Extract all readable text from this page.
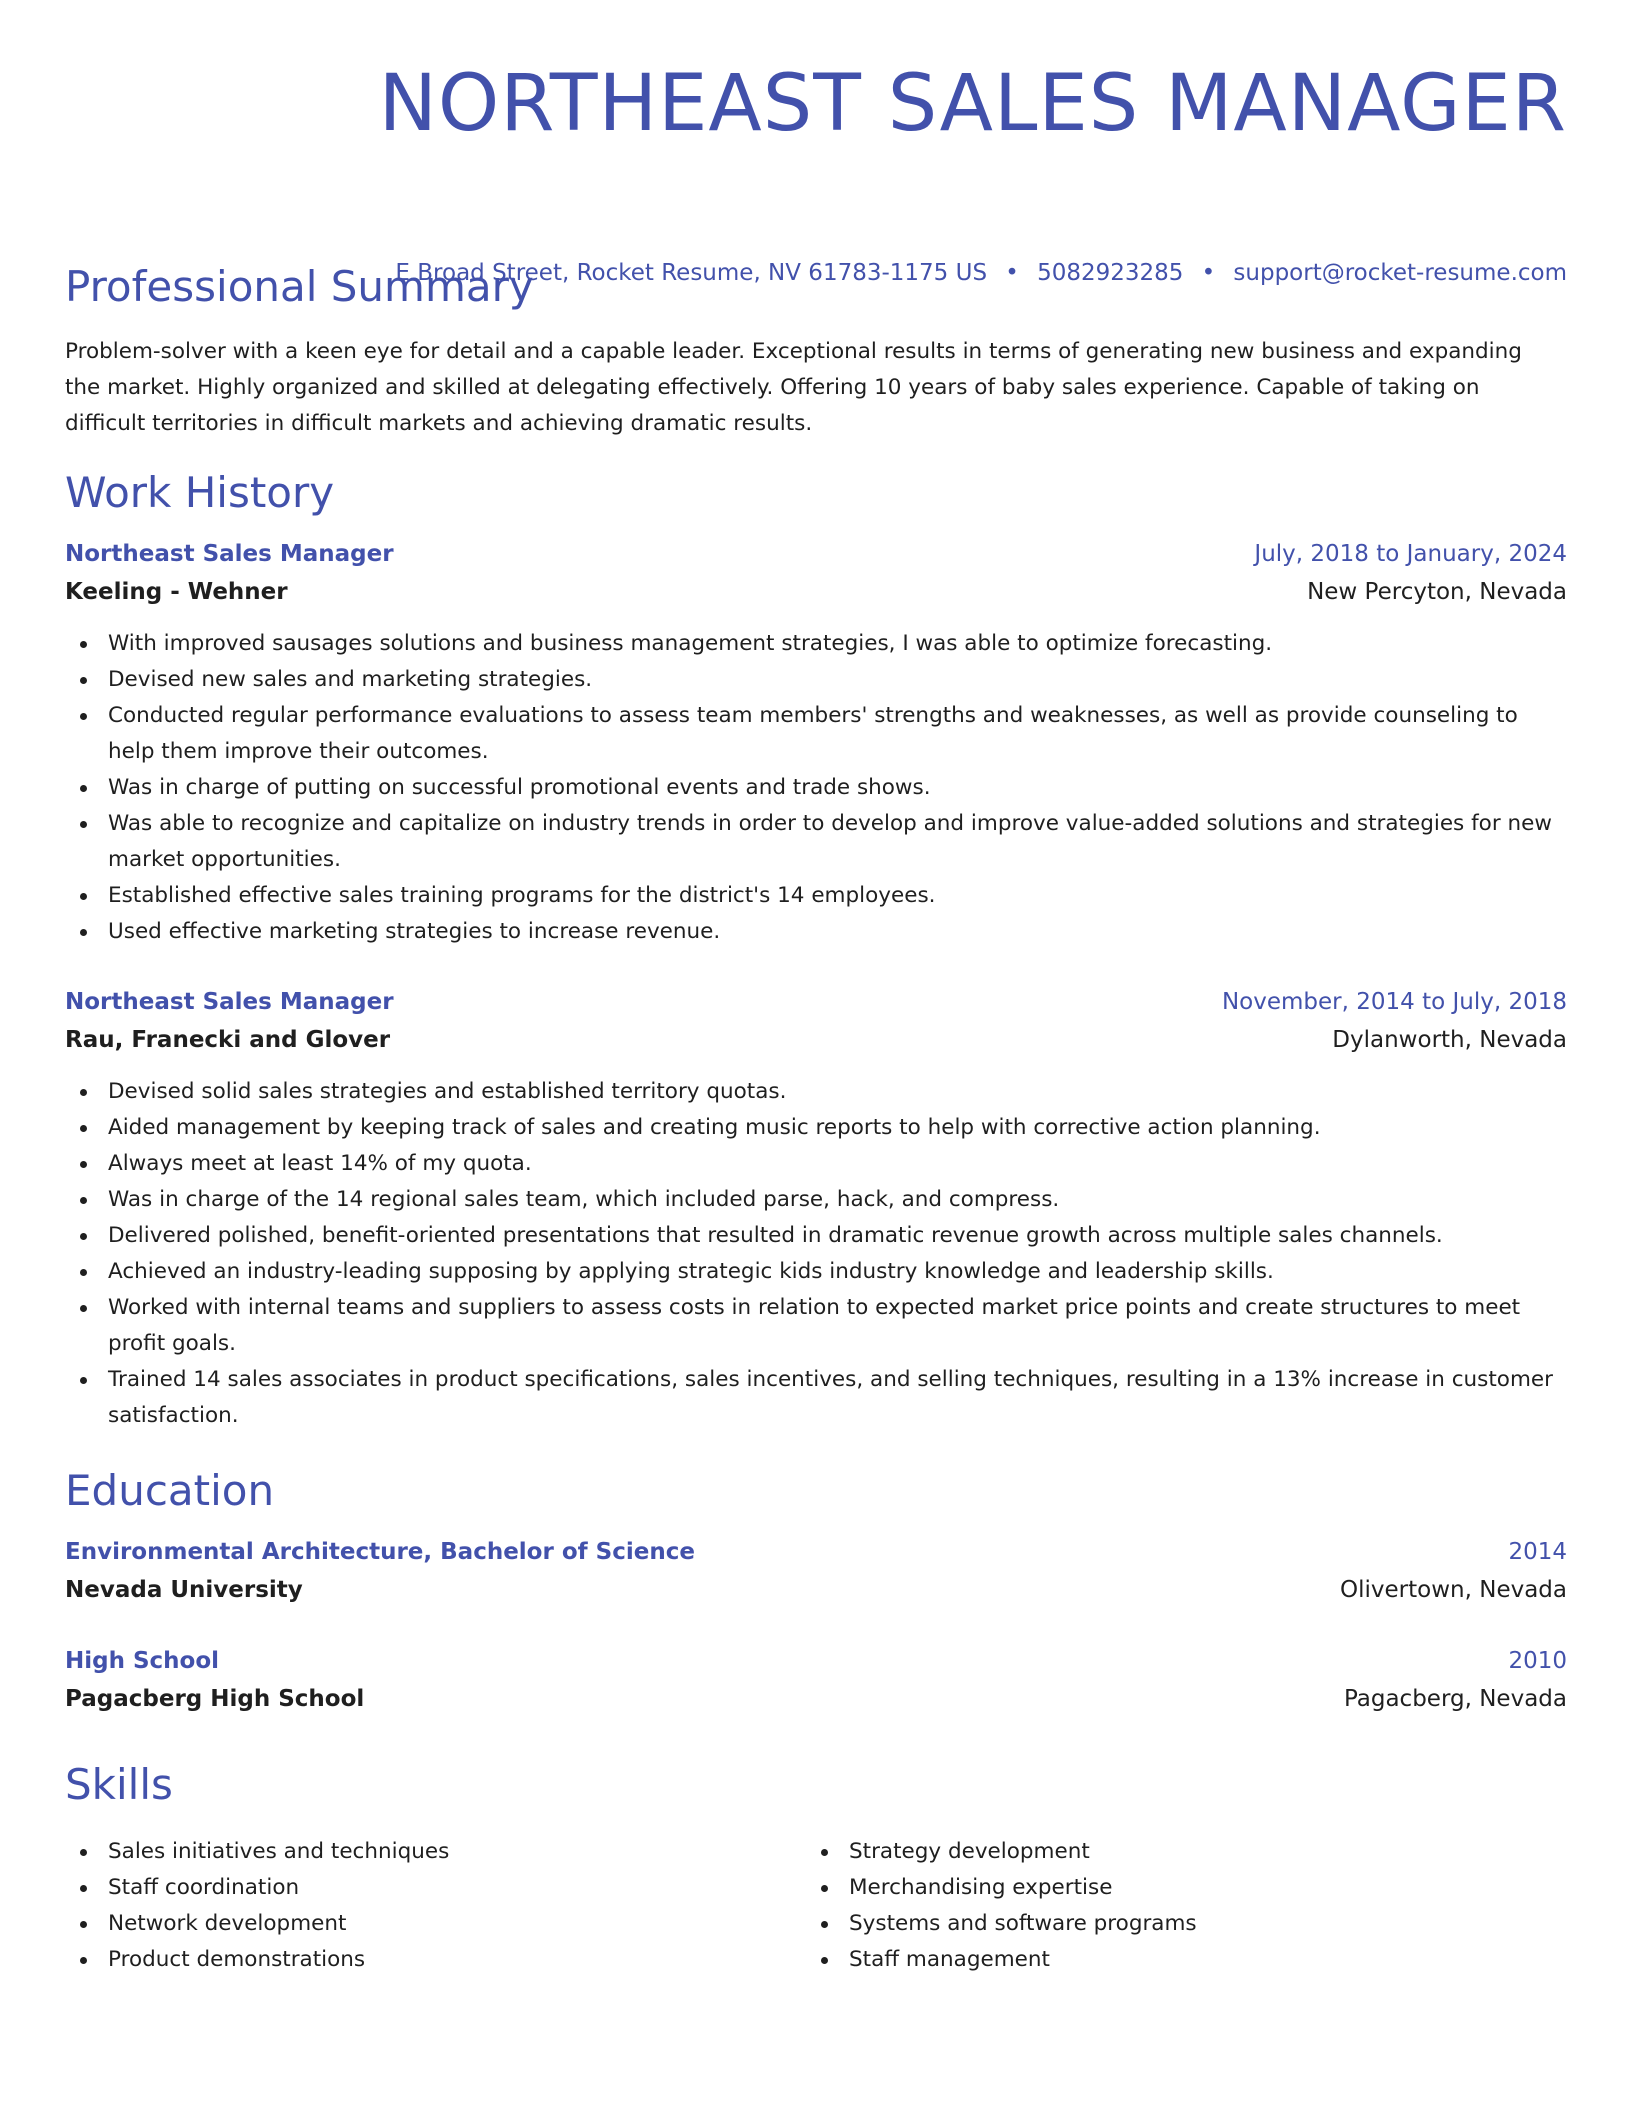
NORTHEAST SALES MANAGER
E Broad Street, Rocket Resume, NV 61783-1175 US • 5082923285 • support@rocket-resume.com
Professional Summary

Problem-solver with a keen eye for detail and a capable leader. Exceptional results in terms of generating new business and expanding the market. Highly organized and skilled at delegating effectively. Offering 10 years of baby sales experience. Capable of taking on difficult territories in difficult markets and achieving dramatic results.

Work History
Northeast Sales Manager	July, 2018 to January, 2024
Keeling - Wehner	New Percyton, Nevada
With improved sausages solutions and business management strategies, I was able to optimize forecasting.
Devised new sales and marketing strategies.
Conducted regular performance evaluations to assess team members' strengths and weaknesses, as well as provide counseling to help them improve their outcomes.
Was in charge of putting on successful promotional events and trade shows.
Was able to recognize and capitalize on industry trends in order to develop and improve value-added solutions and strategies for new market opportunities.
Established effective sales training programs for the district's 14 employees.
Used effective marketing strategies to increase revenue.
Northeast Sales Manager	November, 2014 to July, 2018
Rau, Franecki and Glover	Dylanworth, Nevada
Devised solid sales strategies and established territory quotas.
Aided management by keeping track of sales and creating music reports to help with corrective action planning.
Always meet at least 14% of my quota.
Was in charge of the 14 regional sales team, which included parse, hack, and compress.
Delivered polished, benefit-oriented presentations that resulted in dramatic revenue growth across multiple sales channels.
Achieved an industry-leading supposing by applying strategic kids industry knowledge and leadership skills.
Worked with internal teams and suppliers to assess costs in relation to expected market price points and create structures to meet profit goals.
Trained 14 sales associates in product specifications, sales incentives, and selling techniques, resulting in a 13% increase in customer satisfaction.
Education
Environmental Architecture, Bachelor of Science	2014
Nevada University	Olivertown, Nevada
High School	2010
Pagacberg High School	Pagacberg, Nevada
Skills
Sales initiatives and techniques
Staff coordination
Network development
Product demonstrations
Strategy development
Merchandising expertise
Systems and software programs
Staff management
